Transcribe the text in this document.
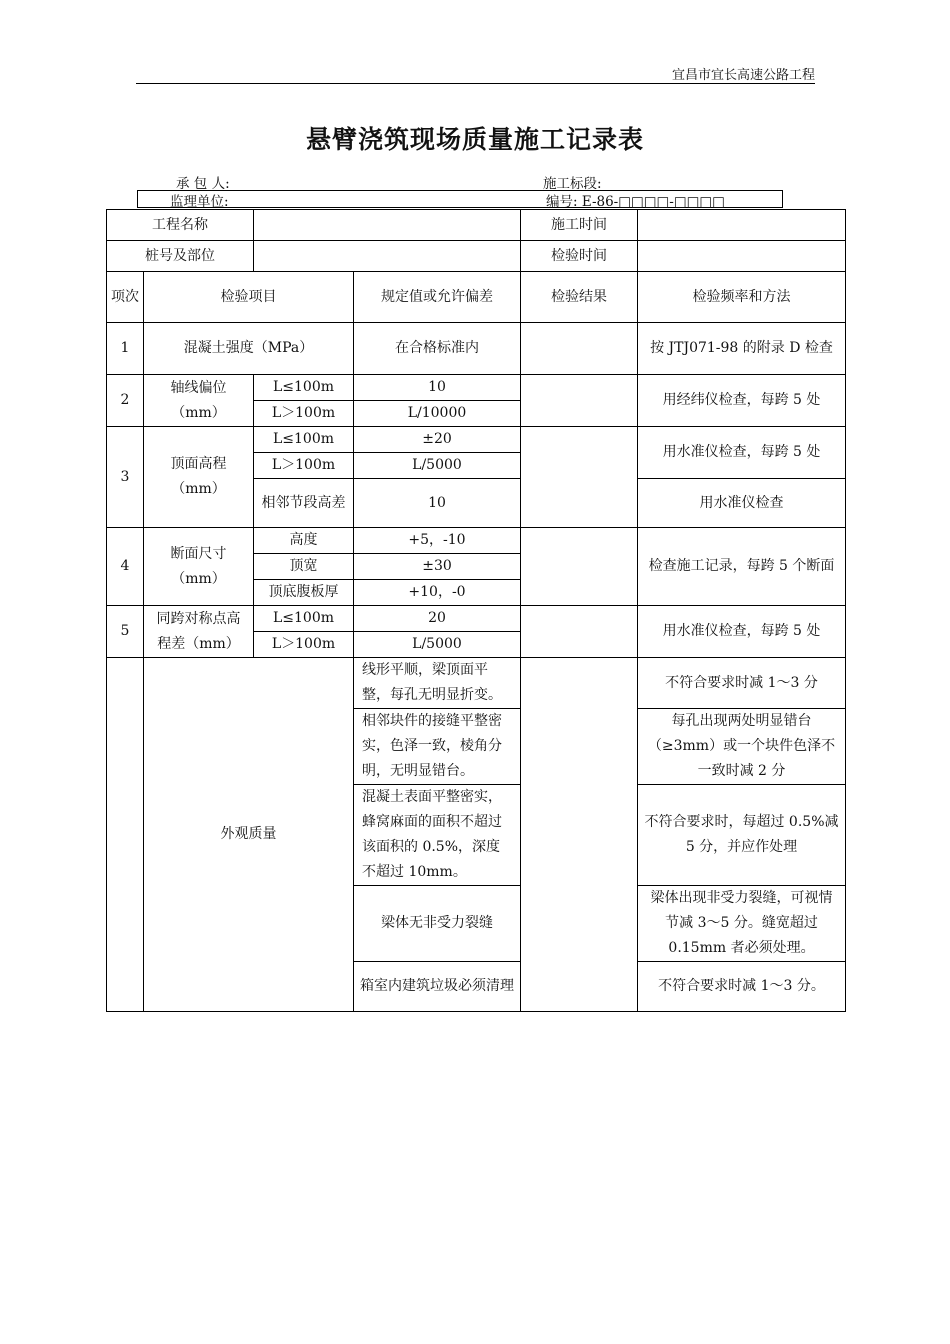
宜昌市宜长高速公路工程
悬臂浇筑现场质量施工记录表
承 包 人:	施工标段:
监理单位:	编号: E-86-□□□□-□□□□
工程名称				施工时间	
桩号及部位				检验时间	
项次	检验项目		规定值或允许偏差	检验结果	检验频率和方法
1	混凝土强度（MPa）		在合格标准内		按 JTJ071-98 的附录 D 检查
2	轴线偏位（mm）	L≤100m	10		用经纬仪检查，每跨 5 处
		L＞100m	L/10000		
3	顶面高程（mm）	L≤100m	±20		用水准仪检查，每跨 5 处
		L＞100m	L/5000		
		相邻节段高差	10		用水准仪检查
4	断面尺寸（mm）	高度	+5，-10		检查施工记录，每跨 5 个断面
		顶宽	±30		
		顶底腹板厚	+10，-0		
5	同跨对称点高程差（mm）	L≤100m	20		用水准仪检查，每跨 5 处
		L＞100m	L/5000		
	外观质量		线形平顺，梁顶面平整，每孔无明显折变。		不符合要求时减 1～3 分
			相邻块件的接缝平整密实，色泽一致，棱角分明，无明显错台。		每孔出现两处明显错台（≥3mm）或一个块件色泽不一致时减 2 分
			混凝土表面平整密实，蜂窝麻面的面积不超过该面积的 0.5%，深度不超过 10mm。		不符合要求时，每超过 0.5%减 5 分，并应作处理
			梁体无非受力裂缝		梁体出现非受力裂缝，可视情节减 3～5 分。缝宽超过 0.15mm 者必须处理。
			箱室内建筑垃圾必须清理		不符合要求时减 1～3 分。
